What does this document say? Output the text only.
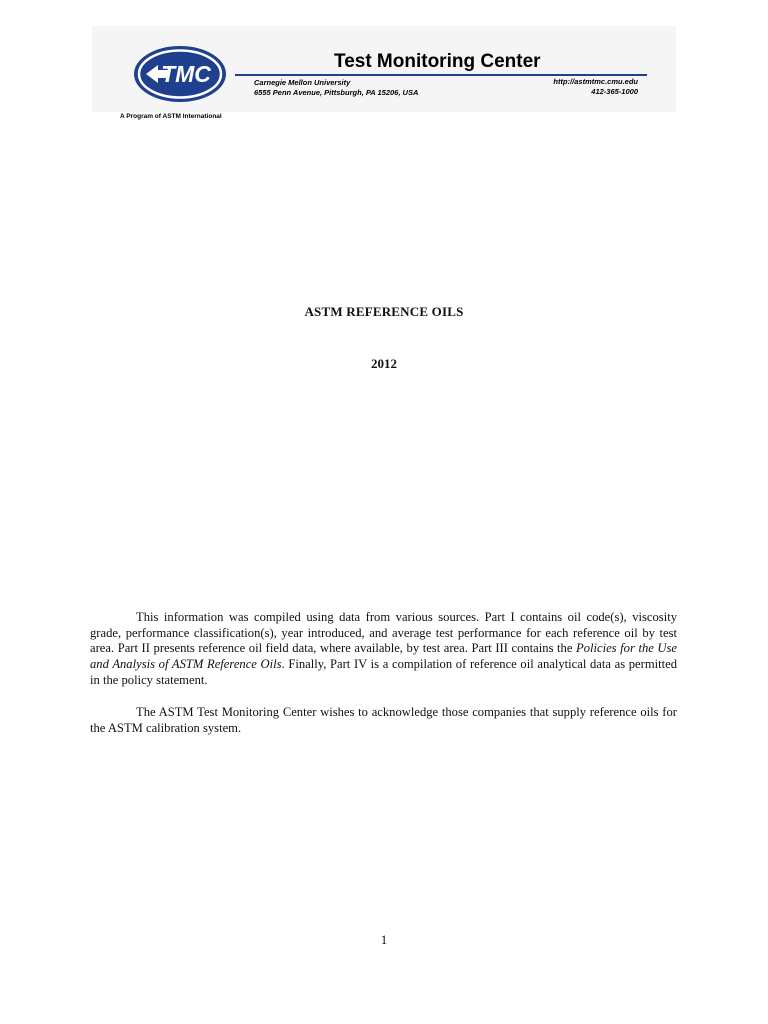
TMC
A Program of ASTM International
Test Monitoring Center
Carnegie Mellon University
6555 Penn Avenue, Pittsburgh, PA 15206, USA
http://astmtmc.cmu.edu
412-365-1000
ASTM REFERENCE OILS
2012

This information was compiled using data from various sources. Part I contains oil code(s), viscosity grade, performance classification(s), year introduced, and average test performance for each reference oil by test area. Part II presents reference oil field data, where available, by test area. Part III contains the Policies for the Use and Analysis of ASTM Reference Oils. Finally, Part IV is a compilation of reference oil analytical data as permitted in the policy statement.

The ASTM Test Monitoring Center wishes to acknowledge those companies that supply reference oils for the ASTM calibration system.

1
